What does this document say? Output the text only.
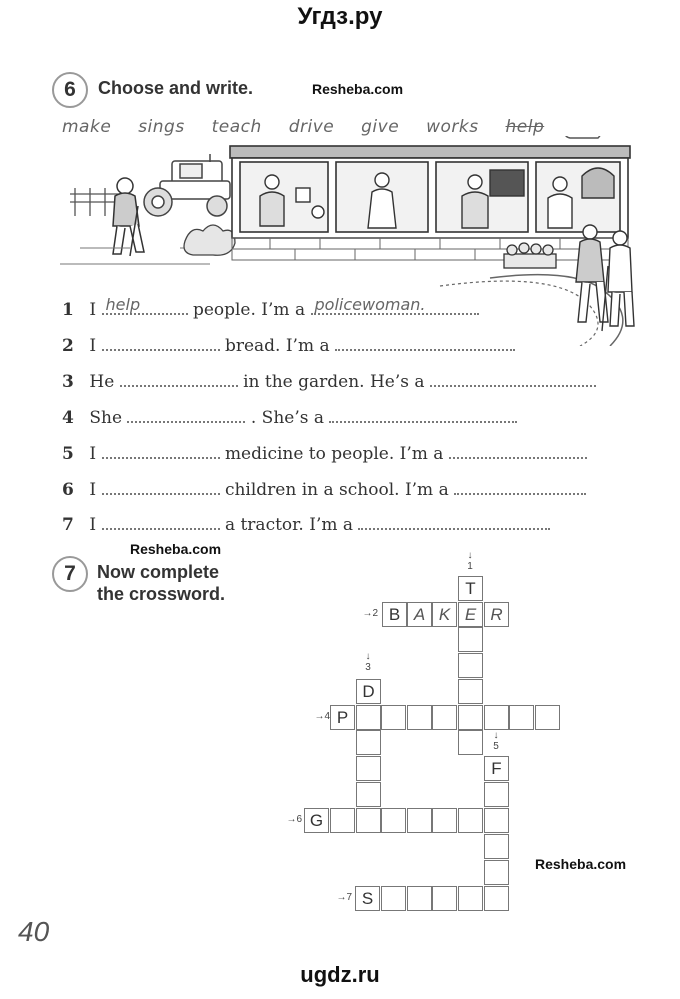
Угдз.ру
6	Choose and write.	Resheba.com
make sings teach drive give works help
1 I help	people. I’m a policewoman.
2 I	bread. I’m a
3 He	in the garden. He’s a
4 She	. She’s a
5 I	medicine to people. I’m a
6 I	children in a school. I’m a
7 I	a tractor. I’m a
Resheba.com
7	Now complete
the crossword.
↓
1
→2
↓
3
→4
↓
5
→6
→7
T
B A K E R
D
P
F
G
S
Resheba.com
40
ugdz.ru
